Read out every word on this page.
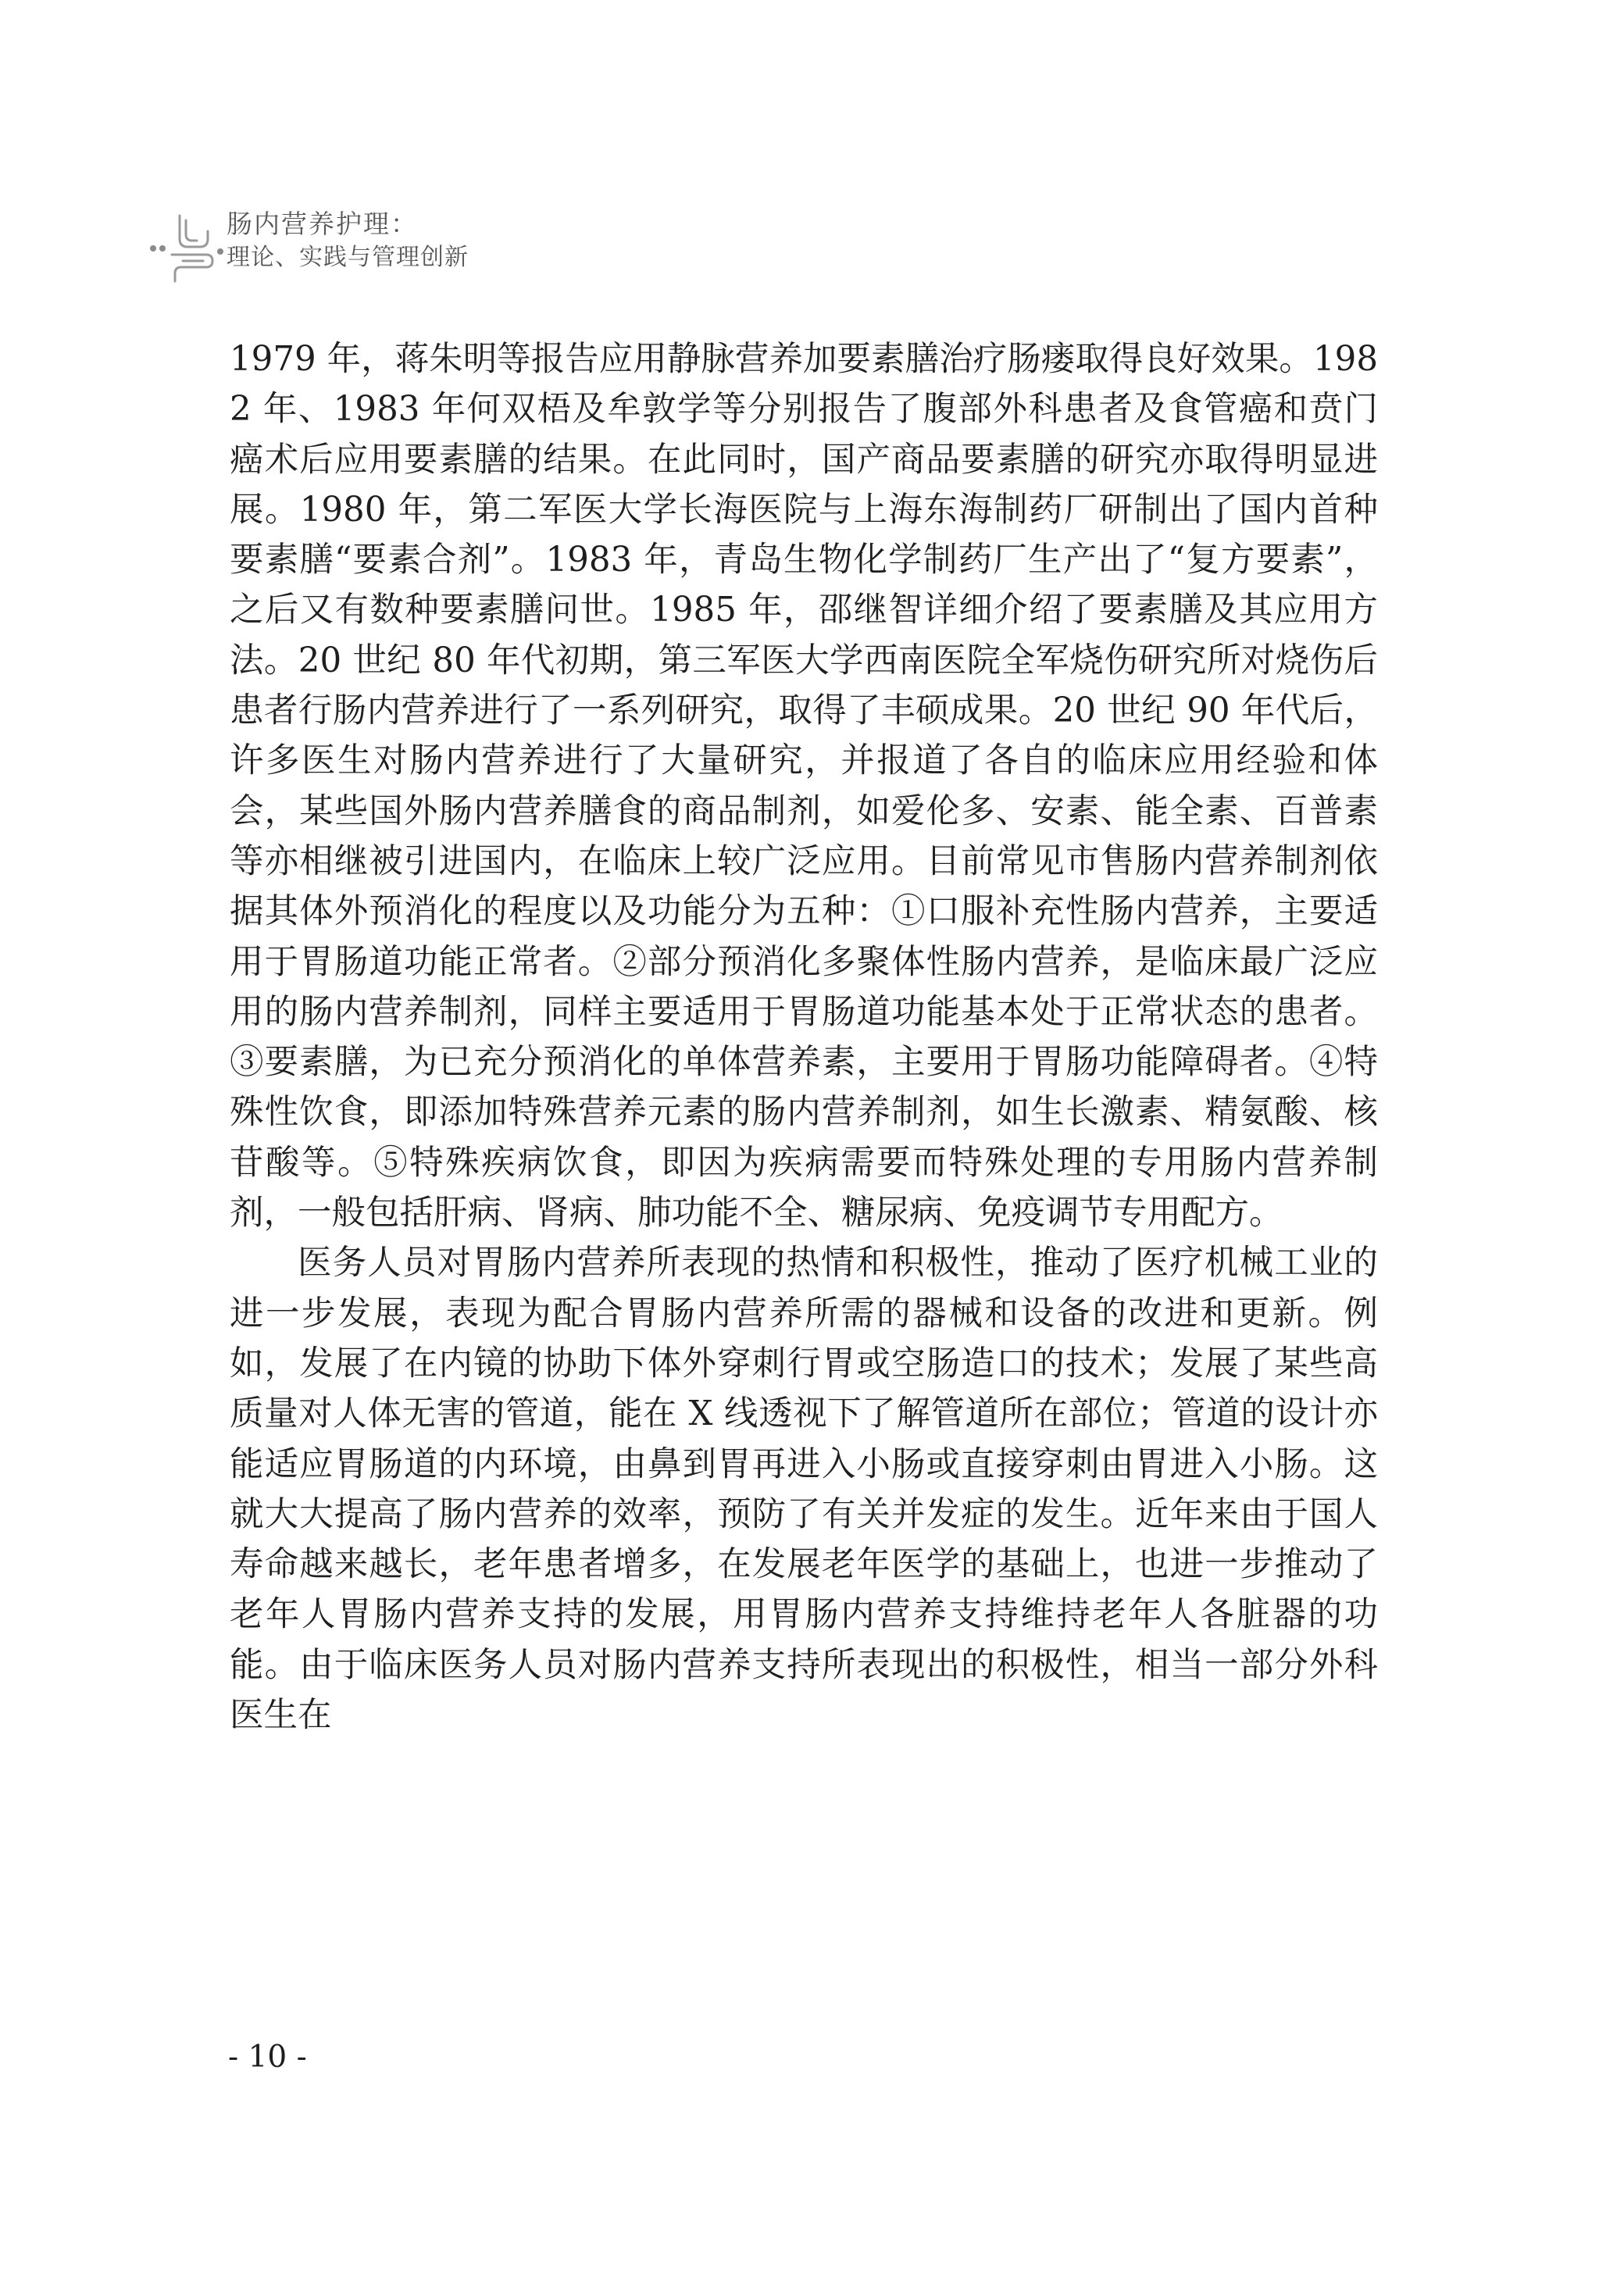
肠内营养护理：
理论、实践与管理创新

1979 年，蒋朱明等报告应用静脉营养加要素膳治疗肠瘘取得良好效果。1982 年、1983 年何双梧及牟敦学等分别报告了腹部外科患者及食管癌和贲门癌术后应用要素膳的结果。在此同时，国产商品要素膳的研究亦取得明显进展。1980 年，第二军医大学长海医院与上海东海制药厂研制出了国内首种要素膳“要素合剂”。1983 年，青岛生物化学制药厂生产出了“复方要素”，之后又有数种要素膳问世。1985 年，邵继智详细介绍了要素膳及其应用方法。20 世纪 80 年代初期，第三军医大学西南医院全军烧伤研究所对烧伤后患者行肠内营养进行了一系列研究，取得了丰硕成果。20 世纪 90 年代后，许多医生对肠内营养进行了大量研究，并报道了各自的临床应用经验和体会，某些国外肠内营养膳食的商品制剂，如爱伦多、安素、能全素、百普素等亦相继被引进国内，在临床上较广泛应用。目前常见市售肠内营养制剂依据其体外预消化的程度以及功能分为五种：①口服补充性肠内营养，主要适用于胃肠道功能正常者。②部分预消化多聚体性肠内营养，是临床最广泛应用的肠内营养制剂，同样主要适用于胃肠道功能基本处于正常状态的患者。③要素膳，为已充分预消化的单体营养素，主要用于胃肠功能障碍者。④特殊性饮食，即添加特殊营养元素的肠内营养制剂，如生长激素、精氨酸、核苷酸等。⑤特殊疾病饮食，即因为疾病需要而特殊处理的专用肠内营养制剂，一般包括肝病、肾病、肺功能不全、糖尿病、免疫调节专用配方。

医务人员对胃肠内营养所表现的热情和积极性，推动了医疗机械工业的进一步发展，表现为配合胃肠内营养所需的器械和设备的改进和更新。例如，发展了在内镜的协助下体外穿刺行胃或空肠造口的技术；发展了某些高质量对人体无害的管道，能在 X 线透视下了解管道所在部位；管道的设计亦能适应胃肠道的内环境，由鼻到胃再进入小肠或直接穿刺由胃进入小肠。这就大大提高了肠内营养的效率，预防了有关并发症的发生。近年来由于国人寿命越来越长，老年患者增多，在发展老年医学的基础上，也进一步推动了老年人胃肠内营养支持的发展，用胃肠内营养支持维持老年人各脏器的功能。由于临床医务人员对肠内营养支持所表现出的积极性，相当一部分外科医生在

- 10 -
